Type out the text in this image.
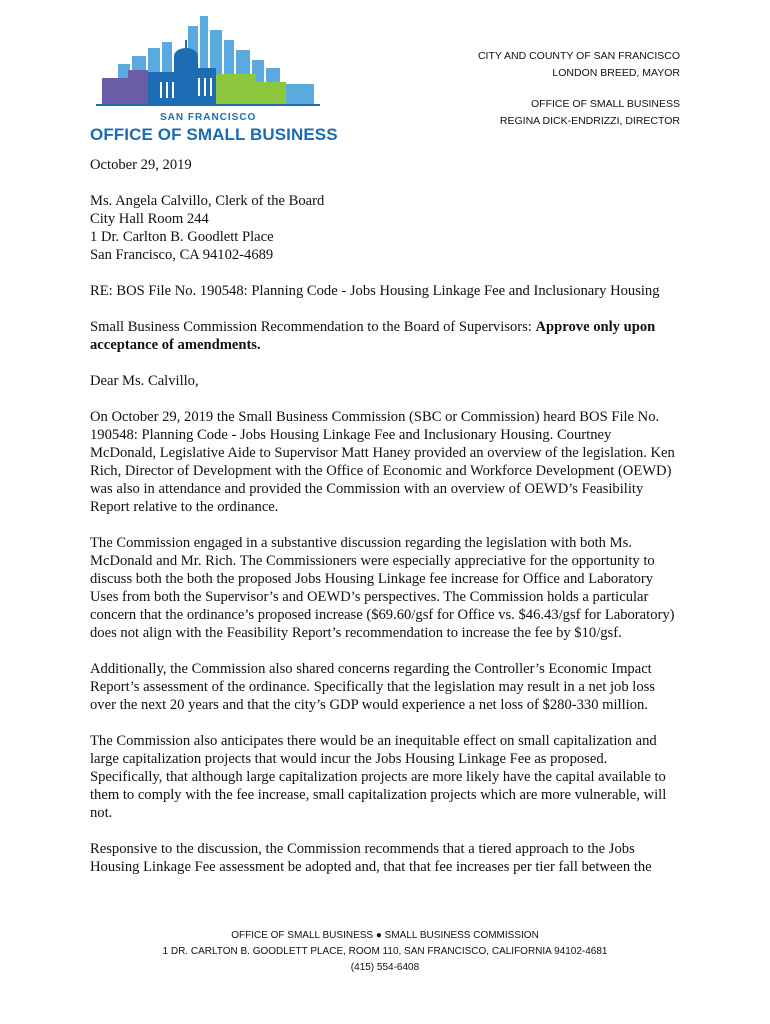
SAN FRANCISCO
OFFICE OF SMALL BUSINESS
CITY AND COUNTY OF SAN FRANCISCO
LONDON BREED, MAYOR
OFFICE OF SMALL BUSINESS
REGINA DICK-ENDRIZZI, DIRECTOR

October 29, 2019

Ms. Angela Calvillo, Clerk of the Board
City Hall Room 244
1 Dr. Carlton B. Goodlett Place
San Francisco, CA 94102-4689

RE: BOS File No. 190548: Planning Code - Jobs Housing Linkage Fee and Inclusionary Housing

Small Business Commission Recommendation to the Board of Supervisors: Approve only upon acceptance of amendments.

Dear Ms. Calvillo,

On October 29, 2019 the Small Business Commission (SBC or Commission) heard BOS File No. 190548: Planning Code - Jobs Housing Linkage Fee and Inclusionary Housing. Courtney McDonald, Legislative Aide to Supervisor Matt Haney provided an overview of the legislation. Ken Rich, Director of Development with the Office of Economic and Workforce Development (OEWD) was also in attendance and provided the Commission with an overview of OEWD’s Feasibility Report relative to the ordinance.

The Commission engaged in a substantive discussion regarding the legislation with both Ms. McDonald and Mr. Rich. The Commissioners were especially appreciative for the opportunity to discuss both the both the proposed Jobs Housing Linkage fee increase for Office and Laboratory Uses from both the Supervisor’s and OEWD’s perspectives. The Commission holds a particular concern that the ordinance’s proposed increase ($69.60/gsf for Office vs. $46.43/gsf for Laboratory) does not align with the Feasibility Report’s recommendation to increase the fee by $10/gsf.

Additionally, the Commission also shared concerns regarding the Controller’s Economic Impact Report’s assessment of the ordinance. Specifically that the legislation may result in a net job loss over the next 20 years and that the city’s GDP would experience a net loss of $280-330 million.

The Commission also anticipates there would be an inequitable effect on small capitalization and large capitalization projects that would incur the Jobs Housing Linkage Fee as proposed. Specifically, that although large capitalization projects are more likely have the capital available to them to comply with the fee increase, small capitalization projects which are more vulnerable, will not.

Responsive to the discussion, the Commission recommends that a tiered approach to the Jobs Housing Linkage Fee assessment be adopted and, that that fee increases per tier fall between the

OFFICE OF SMALL BUSINESS ● SMALL BUSINESS COMMISSION
1 DR. CARLTON B. GOODLETT PLACE, ROOM 110, SAN FRANCISCO, CALIFORNIA 94102-4681
(415) 554-6408
